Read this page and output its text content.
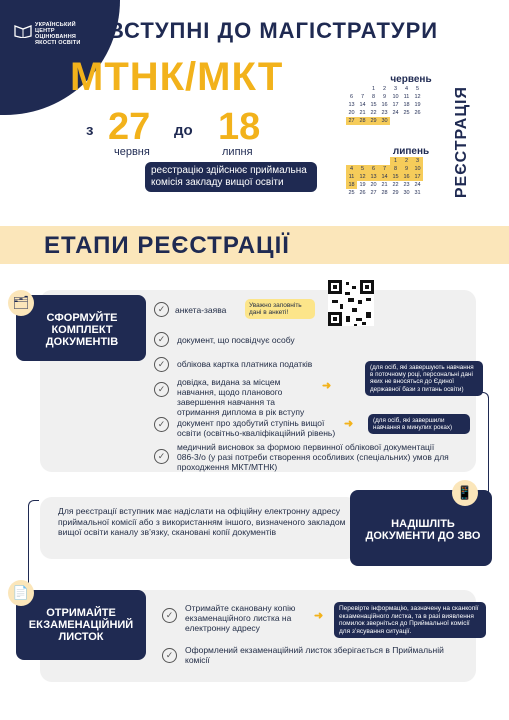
УКРАЇНСЬКИЙ
ЦЕНТР
ОЦІНЮВАННЯ
ЯКОСТІ ОСВІТИ ВСТУПНІ ДО МАГІСТРАТУРИ
МТНК/МКТ
з 27
червня
до 18
липня
реєстрацію здійснює приймальна комісія закладу вищої освіти
червень
		1	2	3	4	5
6	7	8	9	10	11	12
13	14	15	16	17	18	19
20	21	22	23	24	25	26
27	28	29	30			
липень
				1	2	3
4	5	6	7	8	9	10
11	12	13	14	15	16	17
18	19	20	21	22	23	24
25	26	27	28	29	30	31 РЕЄСТРАЦІЯ
ЕТАПИ РЕЄСТРАЦІЇ
🗂
СФОРМУЙТЕ КОМПЛЕКТ ДОКУМЕНТІВ
✓	анкета-заява	Уважно заповніть дані в анкеті!
✓	документ, що посвідчує особу
✓	облікова картка платника податків
✓
довідка, видана за місцем навчання, щодо планового завершення навчання та отримання диплома в рік вступу
➜
(для осіб, які завершують навчання в поточному році, персональні дані яких не вносяться до Єдиної державної бази з питань освіти)
✓	документ про здобутий ступінь вищої освіти (освітньо-кваліфікаційний рівень)
➜	(для осіб, які завершили навчання в минулих роках)
✓
медичний висновок за формою первинної облікової документації 086-3/о (у разі потреби створення особливих (спеціальних) умов для проходження МКТ/МТНК)
Для реєстрації вступник має надіслати на офіційну електронну адресу приймальної комісії або з використанням іншого, визначеного закладом вищої освіти каналу зв’язку, скановані копії документів
📱
НАДІШЛІТЬ ДОКУМЕНТИ ДО ЗВО
📄
ОТРИМАЙТЕ ЕКЗАМЕНАЦІЙНИЙ ЛИСТОК
✓
Отримайте скановану копію екзаменаційного листка на електронну адресу
➜
Перевірте інформацію, зазначену на сканкопії екзаменаційного листка, та в разі виявлення помилок зверніться до Приймальної комісії для з’ясування ситуації.
✓	Оформлений екзаменаційний листок зберігається в Приймальній комісії
